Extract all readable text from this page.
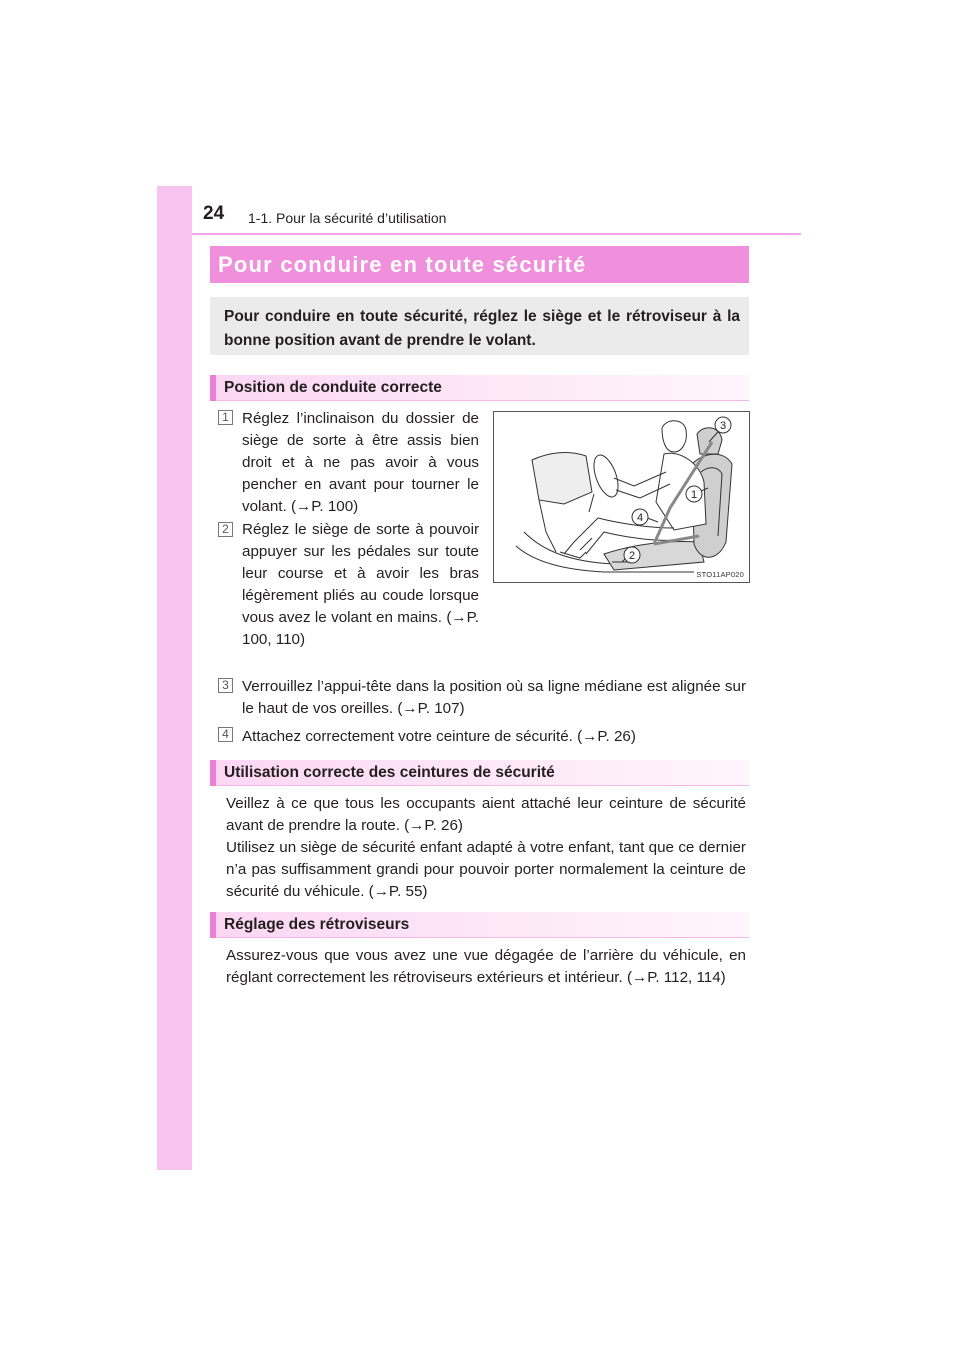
24 1-1. Pour la sécurité d’utilisation
Pour conduire en toute sécurité
Pour conduire en toute sécurité, réglez le siège et le rétroviseur à la bonne position avant de prendre le volant.
Position de conduite correcte
1 Réglez l’inclinaison du dossier de siège de sorte à être assis bien droit et à ne pas avoir à vous pencher en avant pour tourner le volant. (→P. 100)
2 Réglez le siège de sorte à pouvoir appuyer sur les pédales sur toute leur course et à avoir les bras légèrement pliés au coude lorsque vous avez le volant en mains. (→P. 100, 110)
3 Verrouillez l’appui-tête dans la position où sa ligne médiane est alignée sur le haut de vos oreilles. (→P. 107)
4 Attachez correctement votre ceinture de sécurité. (→P. 26)
3
1
4
2
STO11AP020
Utilisation correcte des ceintures de sécurité
Veillez à ce que tous les occupants aient attaché leur ceinture de sécurité avant de prendre la route. (→P. 26)
Utilisez un siège de sécurité enfant adapté à votre enfant, tant que ce dernier n’a pas suffisamment grandi pour pouvoir porter normalement la ceinture de sécurité du véhicule. (→P. 55)
Réglage des rétroviseurs
Assurez-vous que vous avez une vue dégagée de l’arrière du véhicule, en réglant correctement les rétroviseurs extérieurs et intérieur. (→P. 112, 114)
